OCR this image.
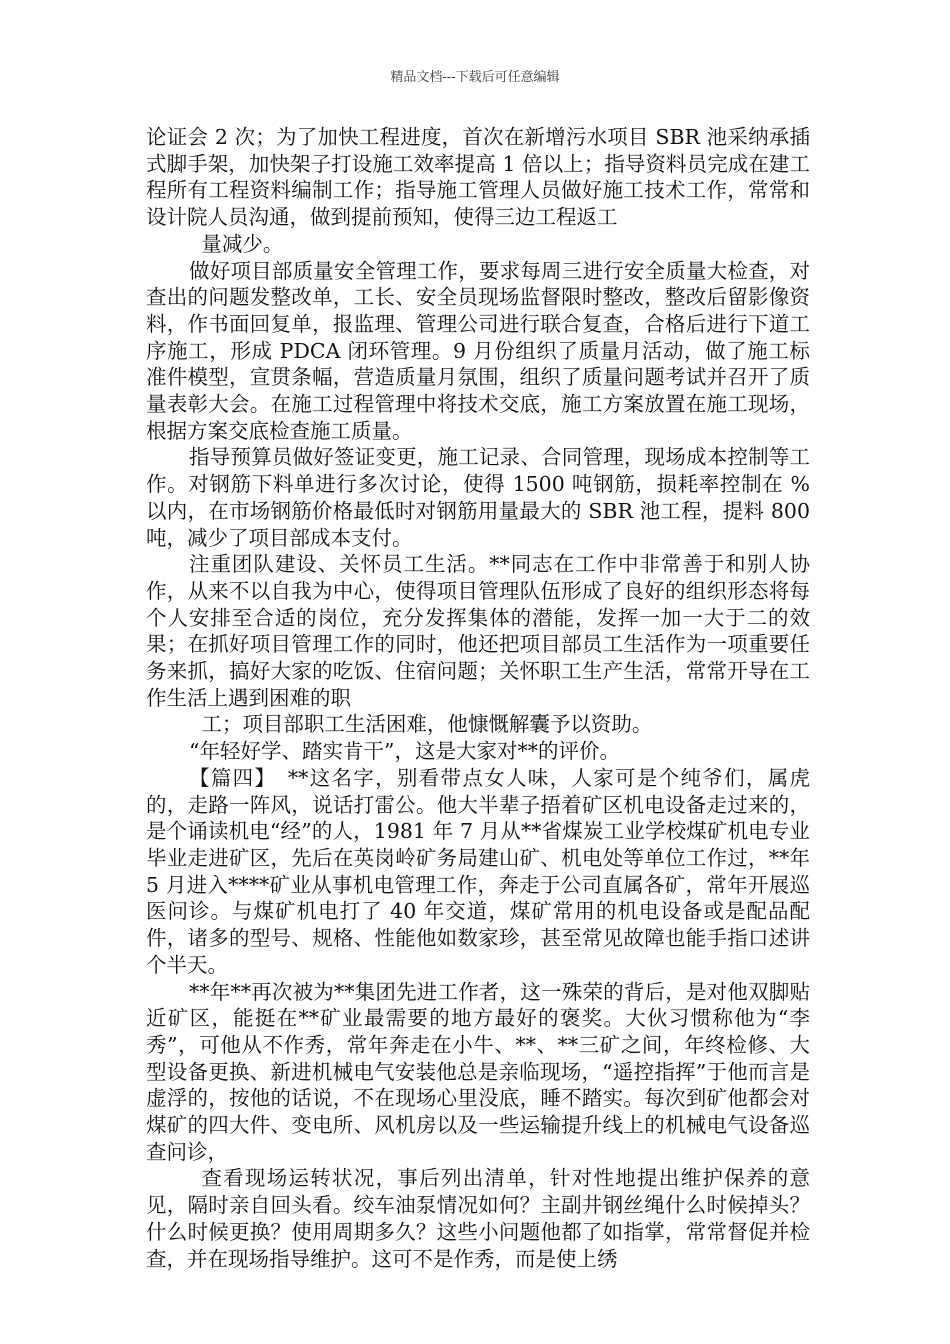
精品文档---下载后可任意编辑

论证会 2 次；为了加快工程进度，首次在新增污水项目 SBR 池采纳承插式脚手架，加快架子打设施工效率提高 1 倍以上；指导资料员完成在建工程所有工程资料编制工作；指导施工管理人员做好施工技术工作，常常和设计院人员沟通，做到提前预知，使得三边工程返工

量减少。

做好项目部质量安全管理工作，要求每周三进行安全质量大检查，对查出的问题发整改单，工长、安全员现场监督限时整改，整改后留影像资料，作书面回复单，报监理、管理公司进行联合复查，合格后进行下道工序施工，形成 PDCA 闭环管理。9 月份组织了质量月活动，做了施工标准件模型，宣贯条幅，营造质量月氛围，组织了质量问题考试并召开了质量表彰大会。在施工过程管理中将技术交底，施工方案放置在施工现场，根据方案交底检查施工质量。

指导预算员做好签证变更，施工记录、合同管理，现场成本控制等工作。对钢筋下料单进行多次讨论，使得 1500 吨钢筋，损耗率控制在 %以内，在市场钢筋价格最低时对钢筋用量最大的 SBR 池工程，提料 800 吨，减少了项目部成本支付。

注重团队建设、关怀员工生活。**同志在工作中非常善于和别人协作，从来不以自我为中心，使得项目管理队伍形成了良好的组织形态将每个人安排至合适的岗位，充分发挥集体的潜能，发挥一加一大于二的效果；在抓好项目管理工作的同时，他还把项目部员工生活作为一项重要任务来抓，搞好大家的吃饭、住宿问题；关怀职工生产生活，常常开导在工作生活上遇到困难的职

工；项目部职工生活困难，他慷慨解囊予以资助。

“年轻好学、踏实肯干”，这是大家对**的评价。

【篇四】　**这名字，别看带点女人味，人家可是个纯爷们，属虎的，走路一阵风，说话打雷公。他大半辈子捂着矿区机电设备走过来的，是个诵读机电“经”的人，1981 年 7 月从**省煤炭工业学校煤矿机电专业毕业走进矿区，先后在英岗岭矿务局建山矿、机电处等单位工作过，**年 5 月进入****矿业从事机电管理工作，奔走于公司直属各矿，常年开展巡医问诊。与煤矿机电打了 40 年交道，煤矿常用的机电设备或是配品配件，诸多的型号、规格、性能他如数家珍，甚至常见故障也能手指口述讲个半天。

**年**再次被为**集团先进工作者，这一殊荣的背后，是对他双脚贴近矿区，能挺在**矿业最需要的地方最好的褒奖。大伙习惯称他为“李秀”，可他从不作秀，常年奔走在小牛、**、**三矿之间，年终检修、大型设备更换、新进机械电气安装他总是亲临现场，“遥控指挥”于他而言是虚浮的，按他的话说，不在现场心里没底，睡不踏实。每次到矿他都会对煤矿的四大件、变电所、风机房以及一些运输提升线上的机械电气设备巡查问诊，

查看现场运转状况，事后列出清单，针对性地提出维护保养的意见，隔时亲自回头看。绞车油泵情况如何？主副井钢丝绳什么时候掉头？什么时候更换？使用周期多久？这些小问题他都了如指掌，常常督促并检查，并在现场指导维护。这可不是作秀，而是使上绣
